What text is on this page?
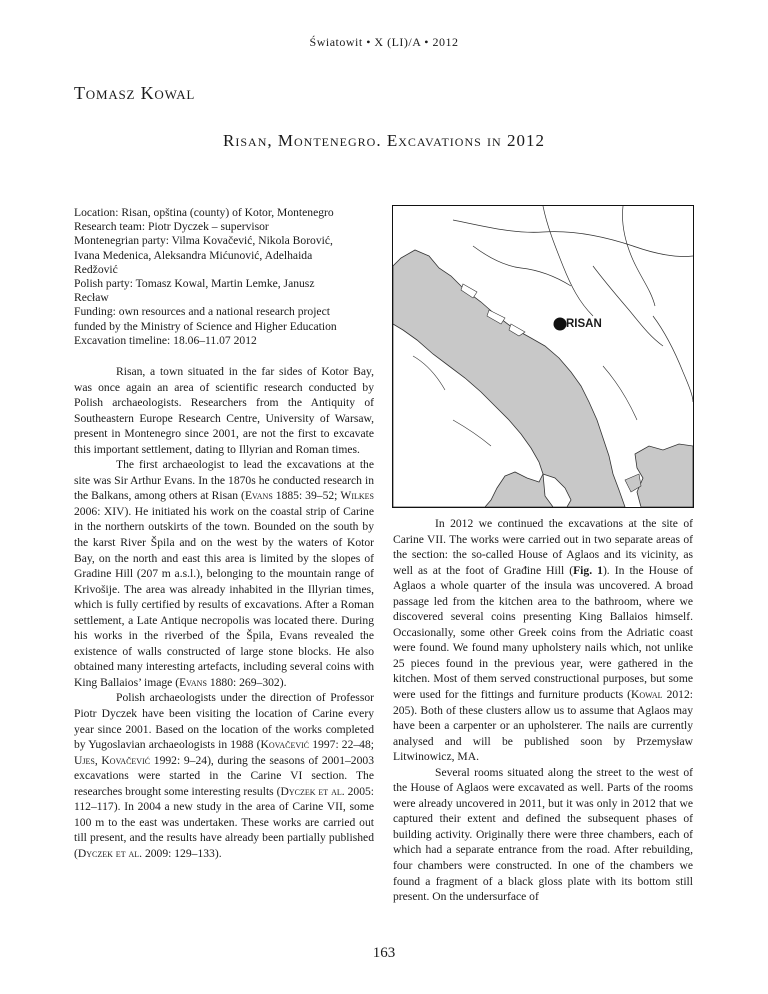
Światowit • X (LI)/A • 2012
Tomasz Kowal
Risan, Montenegro. Excavations in 2012
Location: Risan, opština (county) of Kotor, Montenegro
Research team: Piotr Dyczek – supervisor
Montenegrian party: Vilma Kovačević, Nikola Borović,
Ivana Medenica, Aleksandra Mićunović, Adelhaida
Redžović
Polish party: Tomasz Kowal, Martin Lemke, Janusz
Recław
Funding: own resources and a national research project
funded by the Ministry of Science and Higher Education
Excavation timeline: 18.06–11.07 2012
RISAN

Risan, a town situated in the far sides of Kotor Bay, was once again an area of scientific research conducted by Polish archaeologists. Researchers from the Antiquity of Southeastern Europe Research Centre, University of Warsaw, present in Montenegro since 2001, are not the first to excavate this important settlement, dating to Illyrian and Roman times.

The first archaeologist to lead the excavations at the site was Sir Arthur Evans. In the 1870s he conducted research in the Balkans, among others at Risan (Evans 1885: 39–52; Wilkes 2006: XIV). He initiated his work on the coastal strip of Carine in the northern outskirts of the town. Bounded on the south by the karst River Špila and on the west by the waters of Kotor Bay, on the north and east this area is limited by the slopes of Gradine Hill (207 m a.s.l.), belonging to the mountain range of Krivošije. The area was already inhabited in the Illyrian times, which is fully certified by results of excavations. After a Roman settlement, a Late Antique necropolis was located there. During his works in the riverbed of the Špila, Evans revealed the existence of walls constructed of large stone blocks. He also obtained many interesting artefacts, including several coins with King Ballaios’ image (Evans 1880: 269–302).

Polish archaeologists under the direction of Professor Piotr Dyczek have been visiting the location of Carine every year since 2001. Based on the location of the works completed by Yugoslavian archaeologists in 1988 (Kovačević 1997: 22–48; Ujes, Kovačević 1992: 9–24), during the seasons of 2001–2003 excavations were started in the Carine VI section. The researches brought some interesting results (Dyczek et al. 2005: 112–117). In 2004 a new study in the area of Carine VII, some 100 m to the east was undertaken. These works are carried out till present, and the results have already been partially published (Dyczek et al. 2009: 129–133).

In 2012 we continued the excavations at the site of Carine VII. The works were carried out in two separate areas of the section: the so-called House of Aglaos and its vicinity, as well as at the foot of Građine Hill (Fig. 1). In the House of Aglaos a whole quarter of the insula was uncovered. A broad passage led from the kitchen area to the bathroom, where we discovered several coins presenting King Ballaios himself. Occasionally, some other Greek coins from the Adriatic coast were found. We found many upholstery nails which, not unlike 25 pieces found in the previous year, were gathered in the kitchen. Most of them served constructional purposes, but some were used for the fittings and furniture products (Kowal 2012: 205). Both of these clusters allow us to assume that Aglaos may have been a carpenter or an upholsterer. The nails are currently analysed and will be published soon by Przemysław Litwinowicz, MA.

Several rooms situated along the street to the west of the House of Aglaos were excavated as well. Parts of the rooms were already uncovered in 2011, but it was only in 2012 that we captured their extent and defined the subsequent phases of building activity. Originally there were three chambers, each of which had a separate entrance from the road. After rebuilding, four chambers were constructed. In one of the chambers we found a fragment of a black gloss plate with its bottom still present. On the undersurface of

163
